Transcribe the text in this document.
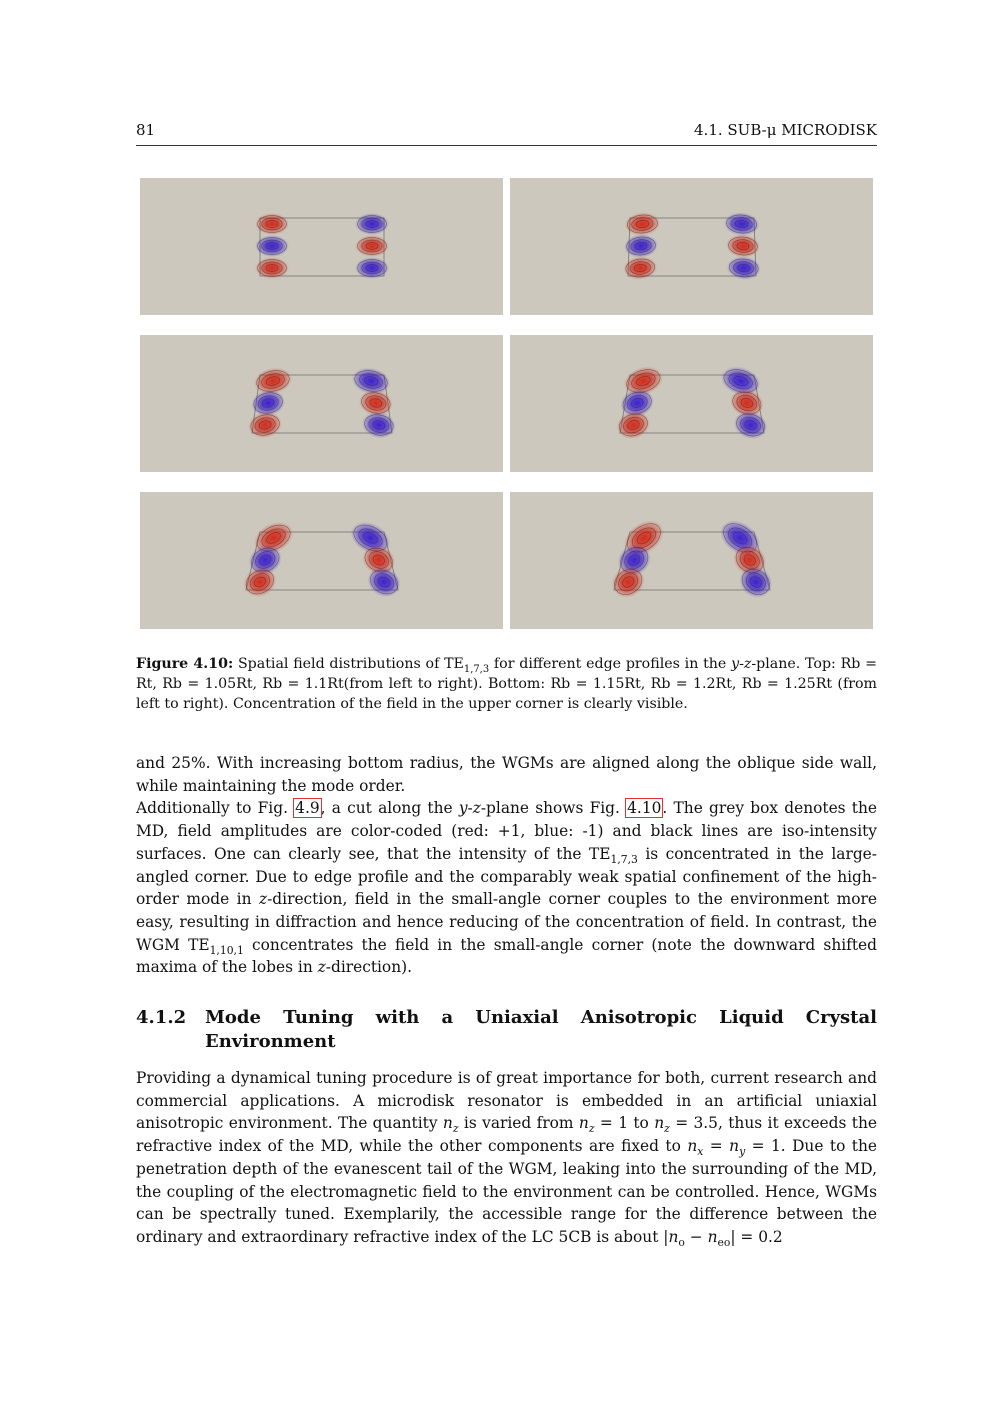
81	4.1. SUB-μ MICRODISK
Figure 4.10: Spatial field distributions of $TE_{1,7,3}$ for different edge profiles in the y-z-plane. Top: Rb = Rt, Rb = 1.05Rt, Rb = 1.1Rt(from left to right). Bottom: Rb = 1.15Rt, Rb = 1.2Rt, Rb = 1.25Rt (from left to right). Concentration of the field in the upper corner is clearly visible.

and 25%. With increasing bottom radius, the WGMs are aligned along the oblique side wall, while maintaining the mode order.

Additionally to Fig. 4.9, a cut along the y-z-plane shows Fig. 4.10. The grey box denotes the MD, field amplitudes are color-coded (red: +1, blue: -1) and black lines are iso-intensity surfaces. One can clearly see, that the intensity of the $TE_{1,7,3}$ is concentrated in the large-angled corner. Due to edge profile and the comparably weak spatial confinement of the high-order mode in z-direction, field in the small-angle corner couples to the environment more easy, resulting in diffraction and hence reducing of the concentration of field. In contrast, the WGM $TE_{1,10,1}$ concentrates the field in the small-angle corner (note the downward shifted maxima of the lobes in z-direction).

4.1.2 Mode Tuning with a Uniaxial Anisotropic Liquid Crystal Environment

Providing a dynamical tuning procedure is of great importance for both, current research and commercial applications. A microdisk resonator is embedded in an artificial uniaxial anisotropic environment. The quantity $n_z$ is varied from $n_z = 1$ to $n_z = 3.5$, thus it exceeds the refractive index of the MD, while the other components are fixed to $n_x = n_y = 1$. Due to the penetration depth of the evanescent tail of the WGM, leaking into the surrounding of the MD, the coupling of the electromagnetic field to the environment can be controlled. Hence, WGMs can be spectrally tuned. Exemplarily, the accessible range for the difference between the ordinary and extraordinary refractive index of the LC 5CB is about $|n_o - n_{eo}| = 0.2$
